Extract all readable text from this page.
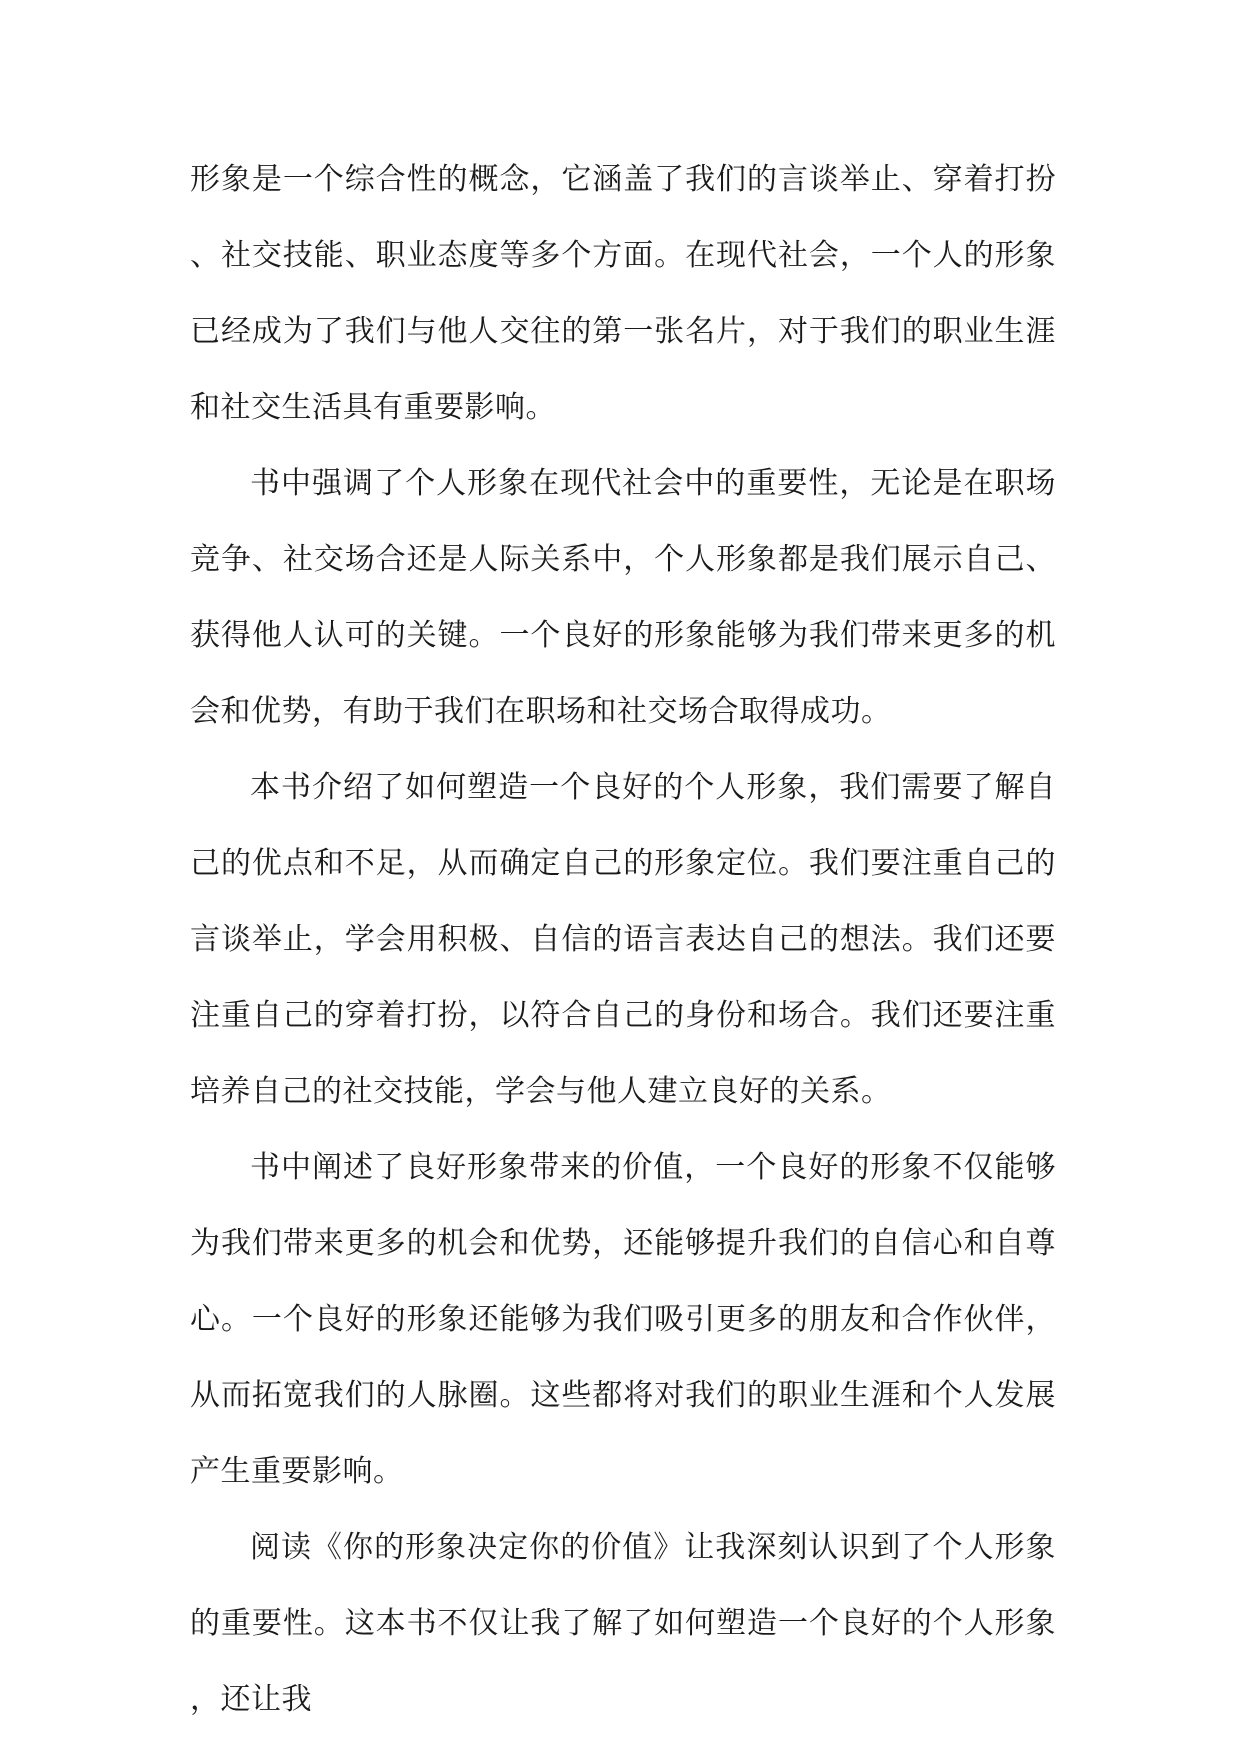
形象是一个综合性的概念，它涵盖了我们的言谈举止、穿着打扮、社交技能、职业态度等多个方面。在现代社会，一个人的形象已经成为了我们与他人交往的第一张名片，对于我们的职业生涯和社交生活具有重要影响。

书中强调了个人形象在现代社会中的重要性，无论是在职场竞争、社交场合还是人际关系中，个人形象都是我们展示自己、获得他人认可的关键。一个良好的形象能够为我们带来更多的机会和优势，有助于我们在职场和社交场合取得成功。

本书介绍了如何塑造一个良好的个人形象，我们需要了解自己的优点和不足，从而确定自己的形象定位。我们要注重自己的言谈举止，学会用积极、自信的语言表达自己的想法。我们还要注重自己的穿着打扮，以符合自己的身份和场合。我们还要注重培养自己的社交技能，学会与他人建立良好的关系。

书中阐述了良好形象带来的价值，一个良好的形象不仅能够为我们带来更多的机会和优势，还能够提升我们的自信心和自尊心。一个良好的形象还能够为我们吸引更多的朋友和合作伙伴，从而拓宽我们的人脉圈。这些都将对我们的职业生涯和个人发展产生重要影响。

阅读《你的形象决定你的价值》让我深刻认识到了个人形象的重要性。这本书不仅让我了解了如何塑造一个良好的个人形象，还让我
